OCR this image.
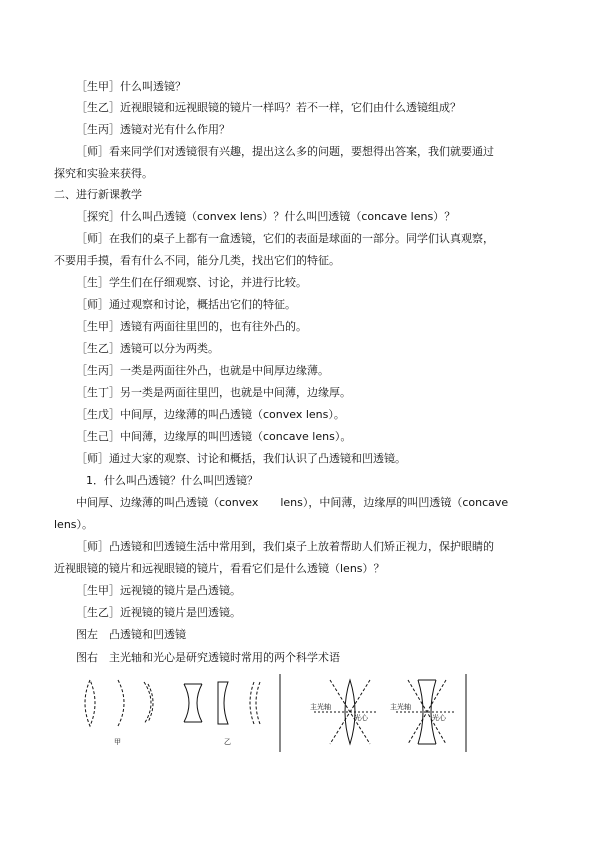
［生甲］什么叫透镜？
［生乙］近视眼镜和远视眼镜的镜片一样吗？若不一样，它们由什么透镜组成？
［生丙］透镜对光有什么作用？
［师］看来同学们对透镜很有兴趣，提出这么多的问题，要想得出答案，我们就要通过
探究和实验来获得。
二、进行新课教学
［探究］什么叫凸透镜（convex lens）？什么叫凹透镜（concave lens）？
［师］在我们的桌子上都有一盒透镜，它们的表面是球面的一部分。同学们认真观察，
不要用手摸，看有什么不同，能分几类，找出它们的特征。
［生］学生们在仔细观察、讨论，并进行比较。
［师］通过观察和讨论，概括出它们的特征。
［生甲］透镜有两面往里凹的，也有往外凸的。
［生乙］透镜可以分为两类。
［生丙］一类是两面往外凸，也就是中间厚边缘薄。
［生丁］另一类是两面往里凹，也就是中间薄，边缘厚。
［生戊］中间厚，边缘薄的叫凸透镜（convex lens）。
［生己］中间薄，边缘厚的叫凹透镜（concave lens）。
［师］通过大家的观察、讨论和概括，我们认识了凸透镜和凹透镜。
1．什么叫凸透镜？什么叫凹透镜？
中间厚、边缘薄的叫凸透镜（convex　　lens），中间薄，边缘厚的叫凹透镜（concave
lens）。
［师］凸透镜和凹透镜生活中常用到，我们桌子上放着帮助人们矫正视力，保护眼睛的
近视眼镜的镜片和远视眼镜的镜片，看看它们是什么透镜（lens）？
［生甲］远视镜的镜片是凸透镜。
［生乙］近视镜的镜片是凹透镜。
图左　凸透镜和凹透镜
图右　主光轴和光心是研究透镜时常用的两个科学术语
甲	乙
主光轴
光心
主光轴
光心
